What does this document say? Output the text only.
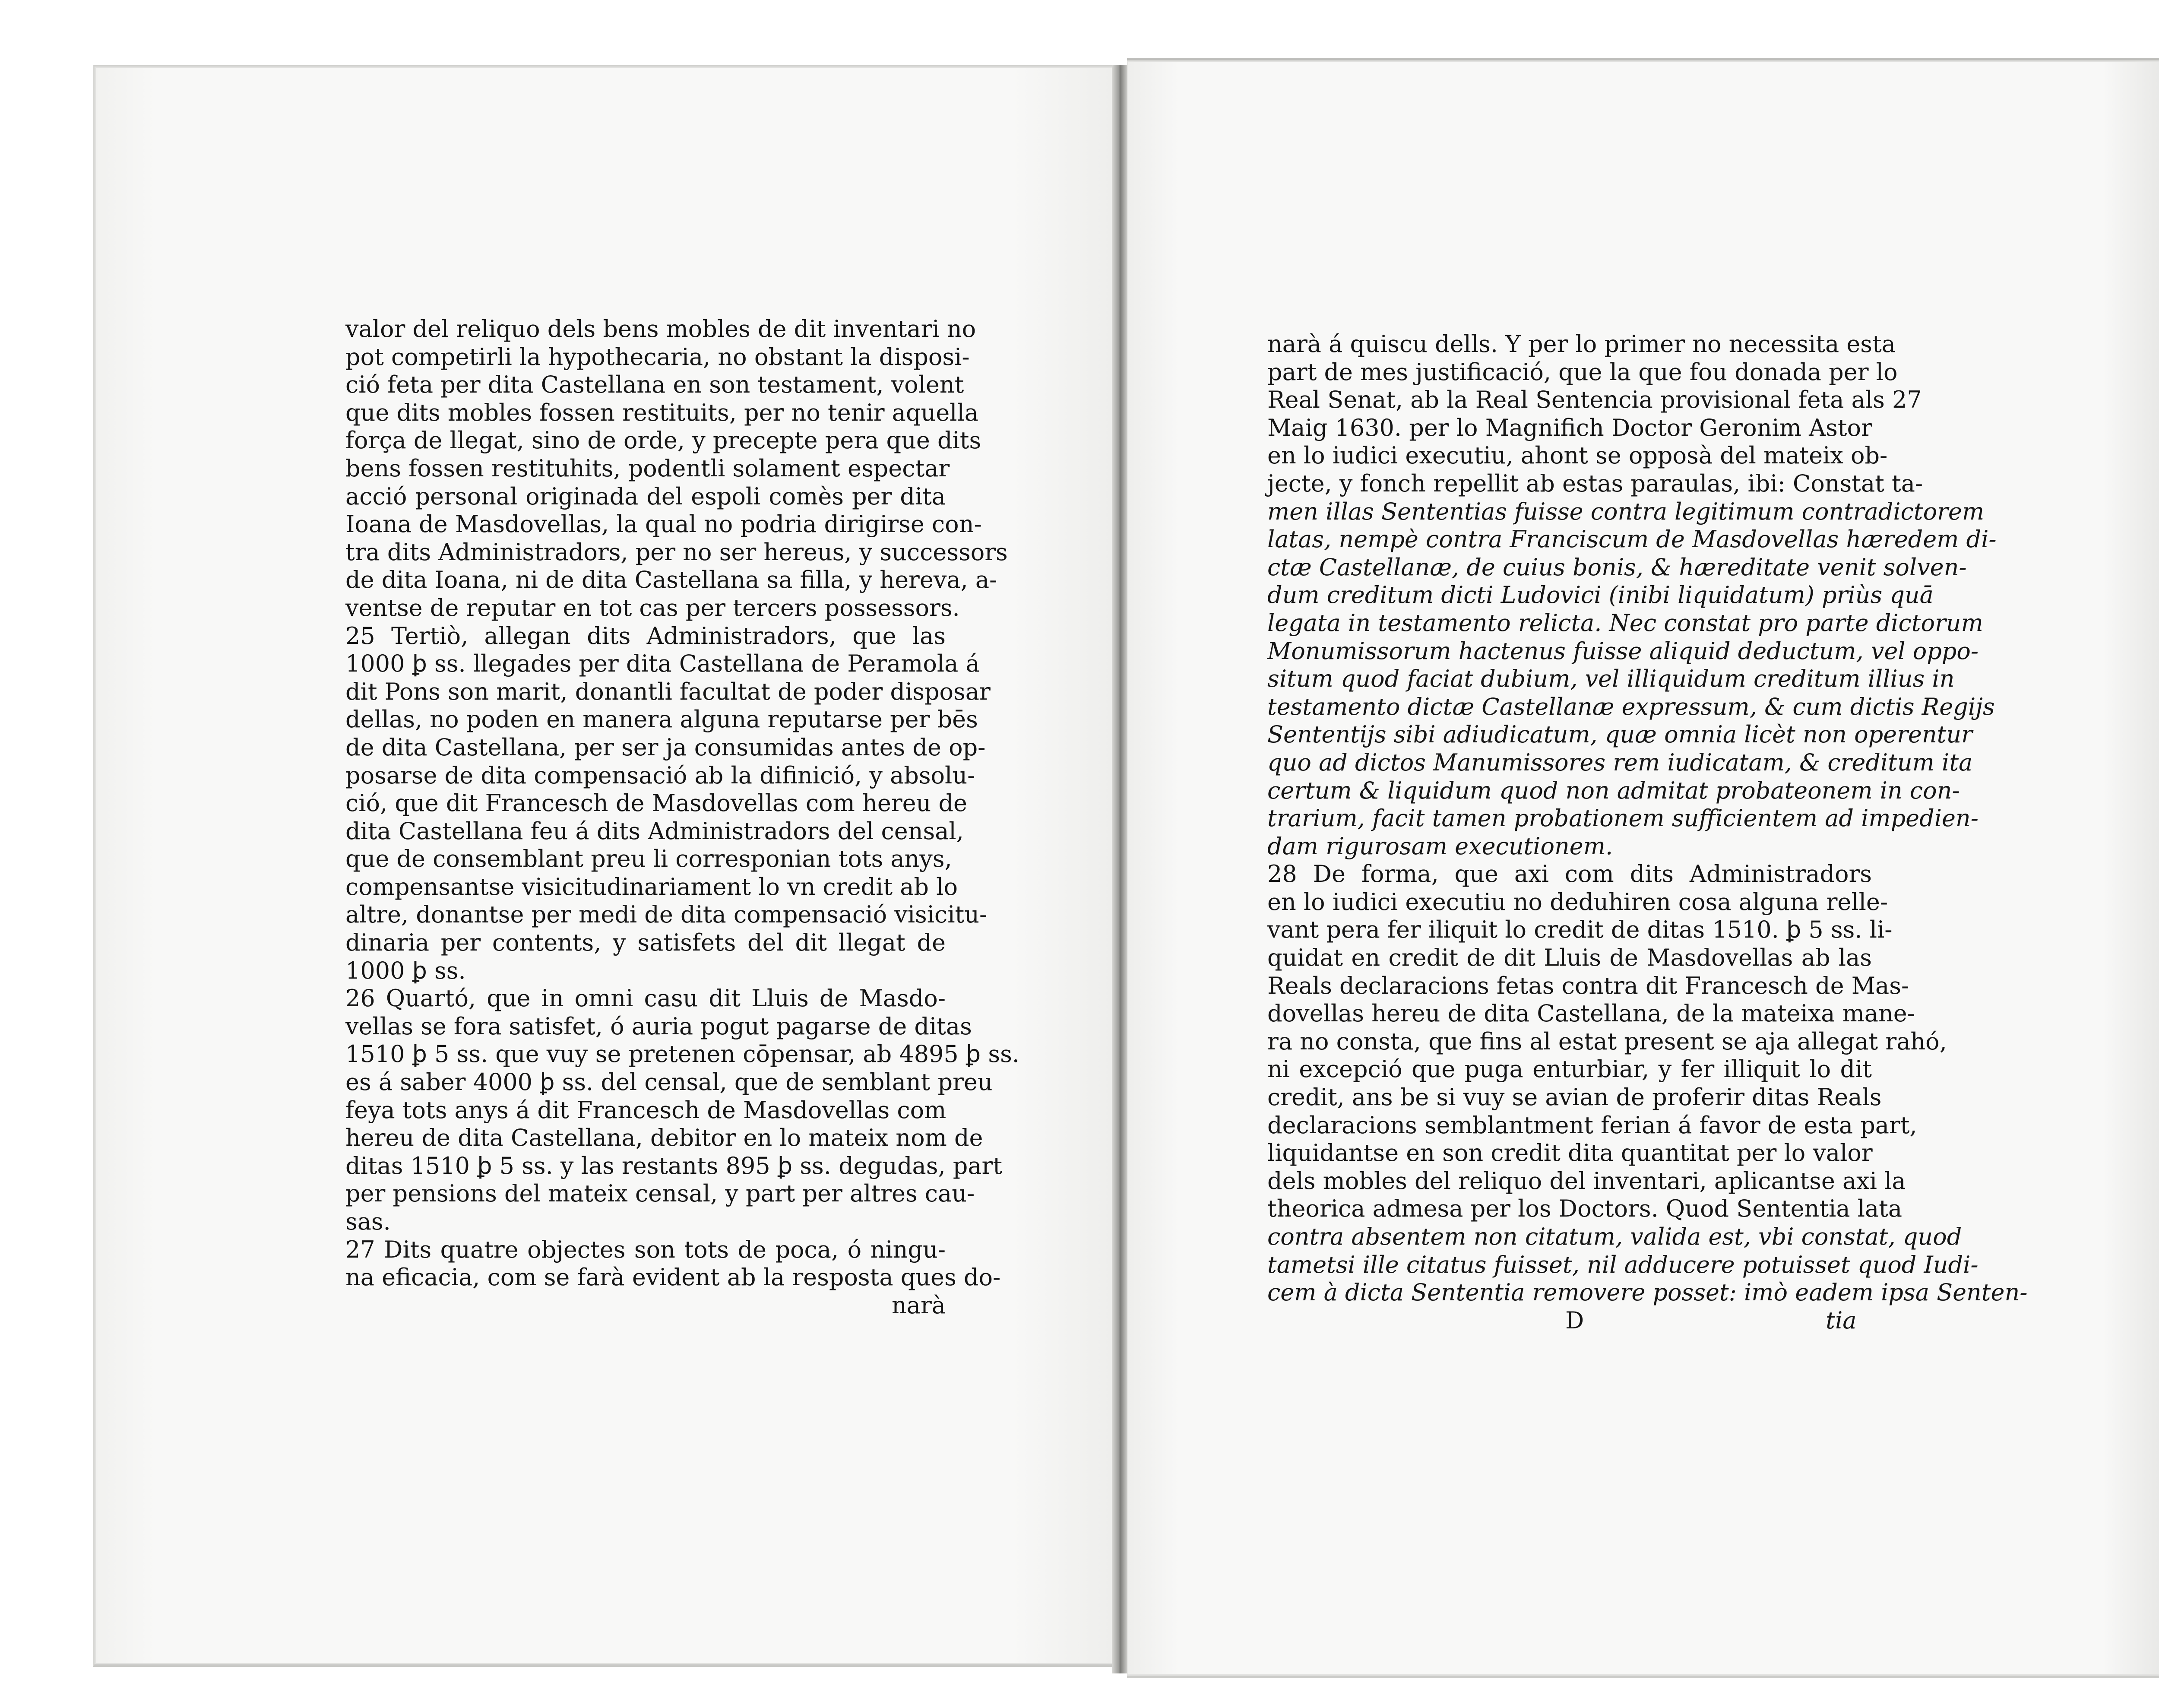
valor del reliquo dels bens mobles de dit inventari no
pot competirli la hypothecaria, no obstant la disposi-
ció feta per dita Castellana en son testament, volent
que dits mobles fossen restituits, per no tenir aquella
força de llegat, sino de orde, y precepte pera que dits
bens fossen restituhits, podentli solament espectar
acció personal originada del espoli comès per dita
Ioana de Masdovellas, la qual no podria dirigirse con-
tra dits Administradors, per no ser hereus, y successors
de dita Ioana, ni de dita Castellana sa filla, y hereva, a-
ventse de reputar en tot cas per tercers possessors.
25 Tertiò, allegan dits Administradors, que las
1000 ꝧ ss. llegades per dita Castellana de Peramola á
dit Pons son marit, donantli facultat de poder disposar
dellas, no poden en manera alguna reputarse per bēs
de dita Castellana, per ser ja consumidas antes de op-
posarse de dita compensació ab la difinició, y absolu-
ció, que dit Francesch de Masdovellas com hereu de
dita Castellana feu á dits Administradors del censal,
que de consemblant preu li corresponian tots anys,
compensantse visicitudinariament lo vn credit ab lo
altre, donantse per medi de dita compensació visicitu-
dinaria per contents, y satisfets del dit llegat de
1000 ꝧ ss.
26 Quartó, que in omni casu dit Lluis de Masdo-
vellas se fora satisfet, ó auria pogut pagarse de ditas
1510 ꝧ 5 ss. que vuy se pretenen cōpensar, ab 4895 ꝧ ss.
es á saber 4000 ꝧ ss. del censal, que de semblant preu
feya tots anys á dit Francesch de Masdovellas com
hereu de dita Castellana, debitor en lo mateix nom de
ditas 1510 ꝧ 5 ss. y las restants 895 ꝧ ss. degudas, part
per pensions del mateix censal, y part per altres cau-
sas.
27 Dits quatre objectes son tots de poca, ó ningu-
na eficacia, com se farà evident ab la resposta ques do-
narà
narà á quiscu dells. Y per lo primer no necessita esta
part de mes justificació, que la que fou donada per lo
Real Senat, ab la Real Sentencia provisional feta als 27
Maig 1630. per lo Magnifich Doctor Geronim Astor
en lo iudici executiu, ahont se opposà del mateix ob-
jecte, y fonch repellit ab estas paraulas, ibi: Constat ta-
men illas Sententias fuisse contra legitimum contradictorem
latas, nempè contra Franciscum de Masdovellas hæredem di-
ctæ Castellanæ, de cuius bonis, & hæreditate venit solven-
dum creditum dicti Ludovici (inibi liquidatum) priùs quā
legata in testamento relicta. Nec constat pro parte dictorum
Monumissorum hactenus fuisse aliquid deductum, vel oppo-
situm quod faciat dubium, vel illiquidum creditum illius in
testamento dictæ Castellanæ expressum, & cum dictis Regijs
Sententijs sibi adiudicatum, quæ omnia licèt non operentur
quo ad dictos Manumissores rem iudicatam, & creditum ita
certum & liquidum quod non admitat probateonem in con-
trarium, facit tamen probationem sufficientem ad impedien-
dam rigurosam executionem.
28 De forma, que axi com dits Administradors
en lo iudici executiu no deduhiren cosa alguna relle-
vant pera fer iliquit lo credit de ditas 1510. ꝧ 5 ss. li-
quidat en credit de dit Lluis de Masdovellas ab las
Reals declaracions fetas contra dit Francesch de Mas-
dovellas hereu de dita Castellana, de la mateixa mane-
ra no consta, que fins al estat present se aja allegat rahó,
ni excepció que puga enturbiar, y fer illiquit lo dit
credit, ans be si vuy se avian de proferir ditas Reals
declaracions semblantment ferian á favor de esta part,
liquidantse en son credit dita quantitat per lo valor
dels mobles del reliquo del inventari, aplicantse axi la
theorica admesa per los Doctors. Quod Sententia lata
contra absentem non citatum, valida est, vbi constat, quod
tametsi ille citatus fuisset, nil adducere potuisset quod Iudi-
cem à dicta Sententia removere posset: imò eadem ipsa Senten-
D	tia
